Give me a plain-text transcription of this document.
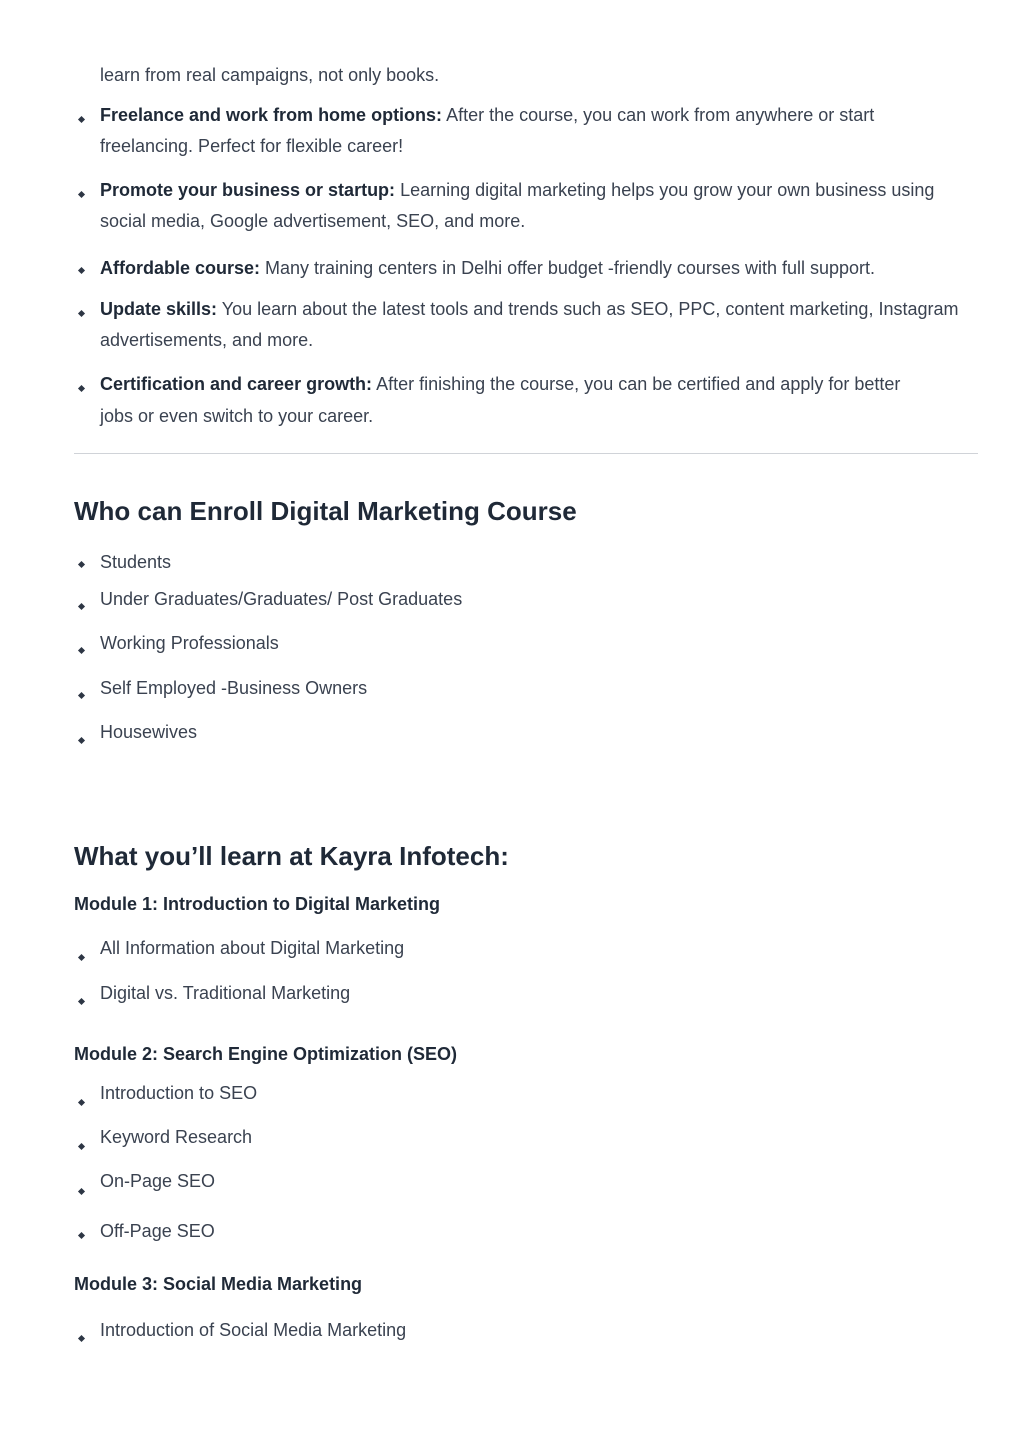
learn from real campaigns, not only books.
Freelance and work from home options: After the course, you can work from anywhere or start
freelancing. Perfect for flexible career!
Promote your business or startup: Learning digital marketing helps you grow your own business using
social media, Google advertisement, SEO, and more.
Affordable course: Many training centers in Delhi offer budget -friendly courses with full support.
Update skills: You learn about the latest tools and trends such as SEO, PPC, content marketing, Instagram
advertisements, and more.
Certification and career growth: After finishing the course, you can be certified and apply for better
jobs or even switch to your career.
Who can Enroll Digital Marketing Course
Students
Under Graduates/Graduates/ Post Graduates
Working Professionals
Self Employed -Business Owners
Housewives
What you’ll learn at Kayra Infotech:
Module 1: Introduction to Digital Marketing
All Information about Digital Marketing
Digital vs. Traditional Marketing
Module 2: Search Engine Optimization (SEO)
Introduction to SEO
Keyword Research
On-Page SEO
Off-Page SEO
Module 3: Social Media Marketing
Introduction of Social Media Marketing
